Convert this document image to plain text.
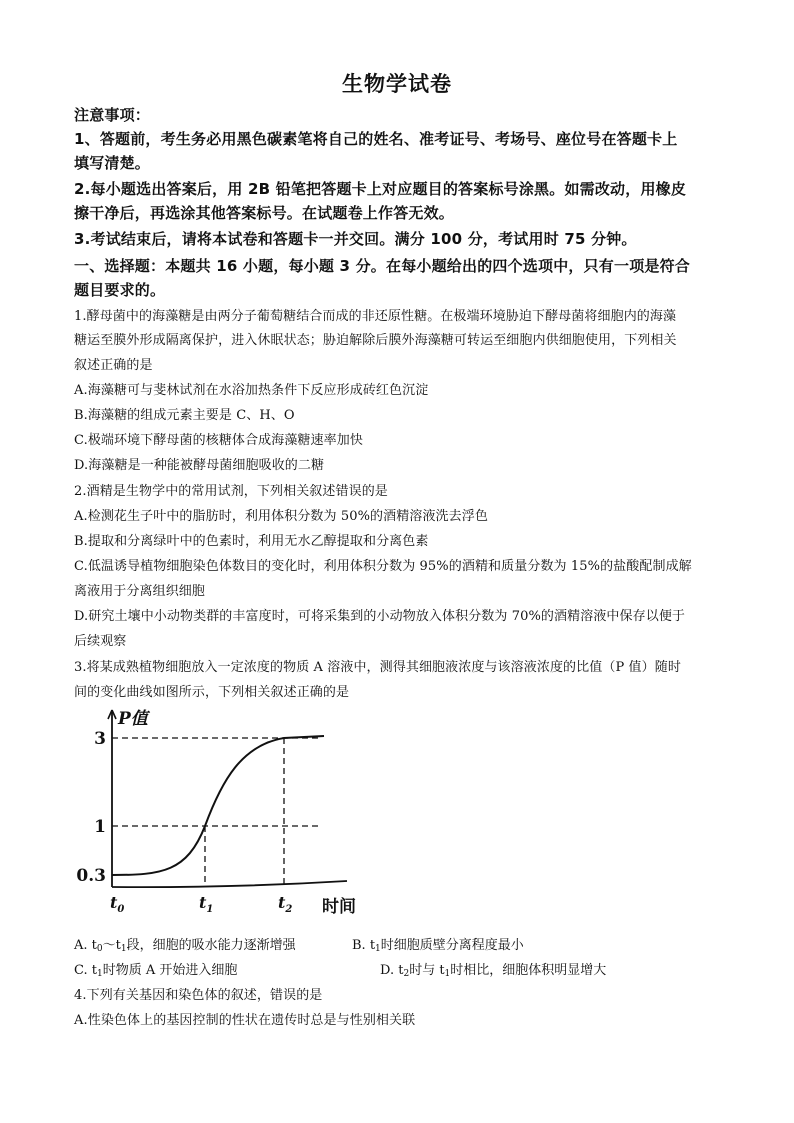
生物学试卷
注意事项：
1、答题前，考生务必用黑色碳素笔将自己的姓名、准考证号、考场号、座位号在答题卡上
填写清楚。
2.每小题选出答案后，用 2B 铅笔把答题卡上对应题目的答案标号涂黑。如需改动，用橡皮
擦干净后，再选涂其他答案标号。在试题卷上作答无效。
3.考试结束后，请将本试卷和答题卡一并交回。满分 100 分，考试用时 75 分钟。
一、选择题：本题共 16 小题，每小题 3 分。在每小题给出的四个选项中，只有一项是符合
题目要求的。
1.酵母菌中的海藻糖是由两分子葡萄糖结合而成的非还原性糖。在极端环境胁迫下酵母菌将细胞内的海藻
糖运至膜外形成隔离保护，进入休眠状态；胁迫解除后膜外海藻糖可转运至细胞内供细胞使用，下列相关
叙述正确的是
A.海藻糖可与斐林试剂在水浴加热条件下反应形成砖红色沉淀
B.海藻糖的组成元素主要是 C、H、O
C.极端环境下酵母菌的核糖体合成海藻糖速率加快
D.海藻糖是一种能被酵母菌细胞吸收的二糖
2.酒精是生物学中的常用试剂，下列相关叙述错误的是
A.检测花生子叶中的脂肪时，利用体积分数为 50%的酒精溶液洗去浮色
B.提取和分离绿叶中的色素时，利用无水乙醇提取和分离色素
C.低温诱导植物细胞染色体数目的变化时，利用体积分数为 95%的酒精和质量分数为 15%的盐酸配制成解
离液用于分离组织细胞
D.研究土壤中小动物类群的丰富度时，可将采集到的小动物放入体积分数为 70%的酒精溶液中保存以便于
后续观察
3.将某成熟植物细胞放入一定浓度的物质 A 溶液中，测得其细胞液浓度与该溶液浓度的比值（P 值）随时
间的变化曲线如图所示，下列相关叙述正确的是
P值
时间
0.3
1
3
$t_0$	$t_1$	$t_2$
A. $t_0\sim t_1$段，细胞的吸水能力逐渐增强	B. $t_1$时细胞质壁分离程度最小
C. $t_1$时物质 A 开始进入细胞	D. $t_2$时与 $t_1$时相比，细胞体积明显增大
4.下列有关基因和染色体的叙述，错误的是
A.性染色体上的基因控制的性状在遗传时总是与性别相关联
